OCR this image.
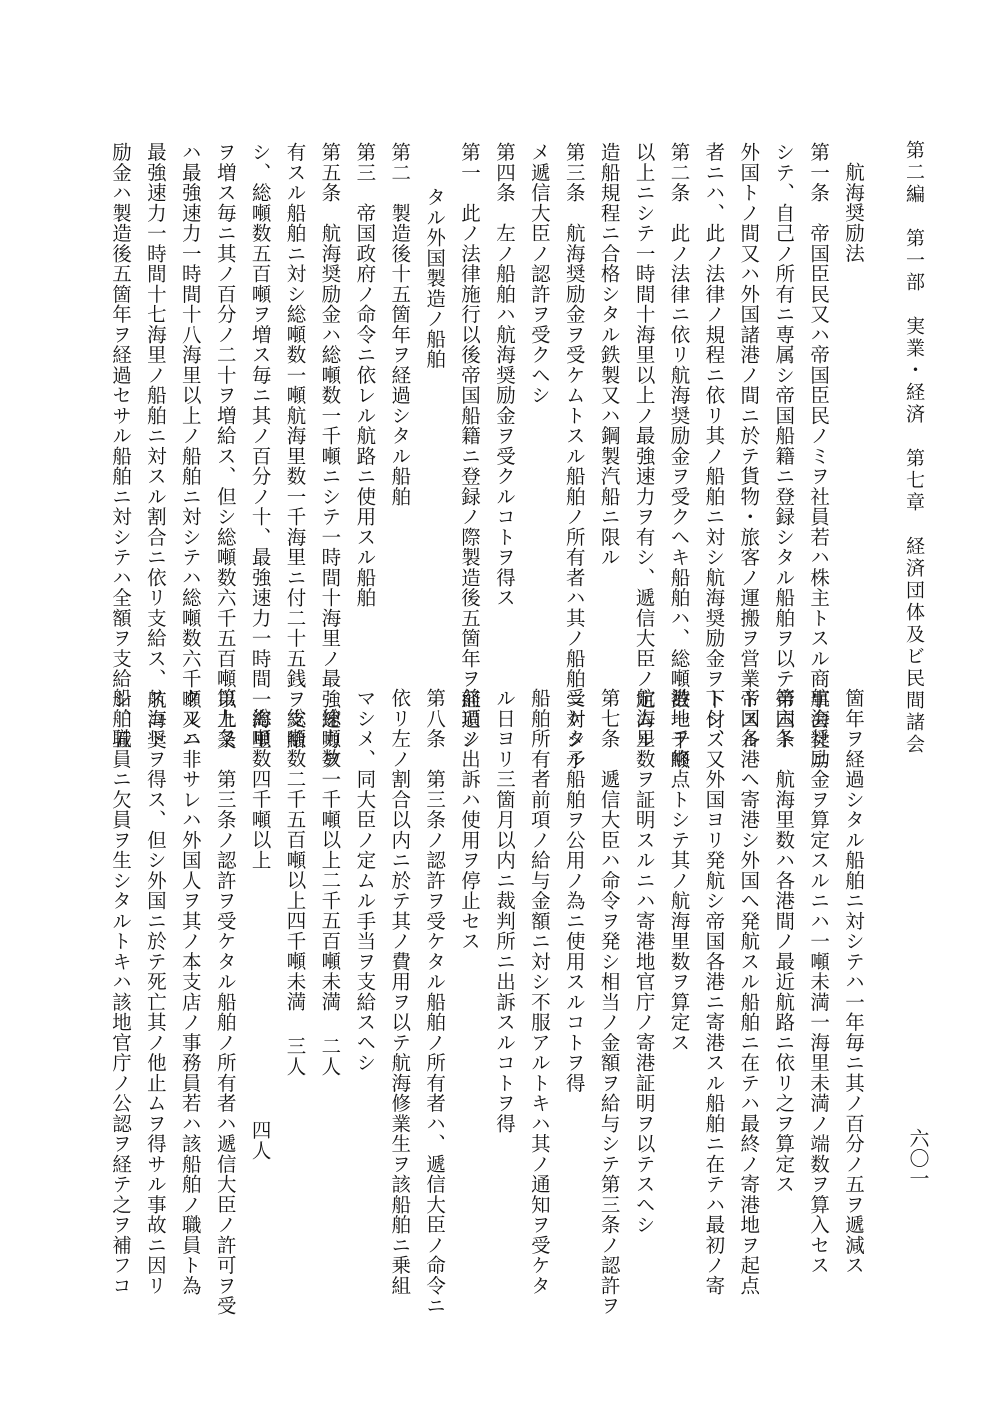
第二編　第一部　実業・経済　第七章　経済団体及ビ民間諸会
航海奨励法
第一条　帝国臣民又ハ帝国臣民ノミヲ社員若ハ株主トスル商事会社ニ
シテ、自己ノ所有ニ専属シ帝国船籍ニ登録シタル船舶ヲ以テ帝国ト
外国トノ間又ハ外国諸港ノ間ニ於テ貨物・旅客ノ運搬ヲ営業トスル
者ニハ、此ノ法律ノ規程ニ依リ其ノ船舶ニ対シ航海奨励金ヲ下付ス
第二条　此ノ法律ニ依リ航海奨励金ヲ受クヘキ船舶ハ、総噸数一千噸
以上ニシテ一時間十海里以上ノ最強速力ヲ有シ、遞信大臣ノ定ムル
造船規程ニ合格シタル鉄製又ハ鋼製汽船ニ限ル
第三条　航海奨励金ヲ受ケムトスル船舶ノ所有者ハ其ノ船舶ニ対シ予
メ遞信大臣ノ認許ヲ受クヘシ
第四条　左ノ船舶ハ航海奨励金ヲ受クルコトヲ得ス
第一　此ノ法律施行以後帝国船籍ニ登録ノ際製造後五箇年ヲ経過シ
タル外国製造ノ船舶
第二　製造後十五箇年ヲ経過シタル船舶
第三　帝国政府ノ命令ニ依レル航路ニ使用スル船舶
第五条　航海奨励金ハ総噸数一千噸ニシテ一時間十海里ノ最強速力ヲ
有スル船舶ニ対シ総噸数一噸航海里数一千海里ニ付二十五銭ヲ支給
シ、総噸数五百噸ヲ増ス毎ニ其ノ百分ノ十、最強速力一時間一海里
ヲ増ス毎ニ其ノ百分ノ二十ヲ増給ス、但シ総噸数六千五百噸以上又
ハ最強速力一時間十八海里以上ノ船舶ニ対シテハ総噸数六千噸又ハ
最強速力一時間十七海里ノ船舶ニ対スル割合ニ依リ支給ス、航海奨
励金ハ製造後五箇年ヲ経過セサル船舶ニ対シテハ全額ヲ支給シ、五
六〇一
箇年ヲ経過シタル船舶ニ対シテハ一年毎ニ其ノ百分ノ五ヲ遞減ス
航海奨励金ヲ算定スルニハ一噸未満一海里未満ノ端数ヲ算入セス
第六条　航海里数ハ各港間ノ最近航路ニ依リ之ヲ算定ス
帝国各港ヘ寄港シ外国ヘ発航スル船舶ニ在テハ最終ノ寄港地ヲ起点
トシ、又外国ヨリ発航シ帝国各港ニ寄港スル船舶ニ在テハ最初ノ寄
港地ヲ終点トシテ其ノ航海里数ヲ算定ス
航海里数ヲ証明スルニハ寄港地官庁ノ寄港証明ヲ以テスヘシ
第七条　遞信大臣ハ命令ヲ発シ相当ノ金額ヲ給与シテ第三条ノ認許ヲ
受ケタル船舶ヲ公用ノ為ニ使用スルコトヲ得
船舶所有者前項ノ給与金額ニ対シ不服アルトキハ其ノ通知ヲ受ケタ
ル日ヨリ三箇月以内ニ裁判所ニ出訴スルコトヲ得
前項ノ出訴ハ使用ヲ停止セス
第八条　第三条ノ認許ヲ受ケタル船舶ノ所有者ハ、遞信大臣ノ命令ニ
依リ左ノ割合以内ニ於テ其ノ費用ヲ以テ航海修業生ヲ該船舶ニ乗組
マシメ、同大臣ノ定ムル手当ヲ支給スヘシ
総噸数一千噸以上二千五百噸未満二人
総噸数二千五百噸以上四千噸未満三人
総噸数四千噸以上四人
第九条　第三条ノ認許ヲ受ケタル船舶ノ所有者ハ遞信大臣ノ許可ヲ受
クルニ非サレハ外国人ヲ其ノ本支店ノ事務員若ハ該船舶ノ職員ト為
スコトヲ得ス、但シ外国ニ於テ死亡其ノ他止ムヲ得サル事故ニ因リ
船舶職員ニ欠員ヲ生シタルトキハ該地官庁ノ公認ヲ経テ之ヲ補フコ
